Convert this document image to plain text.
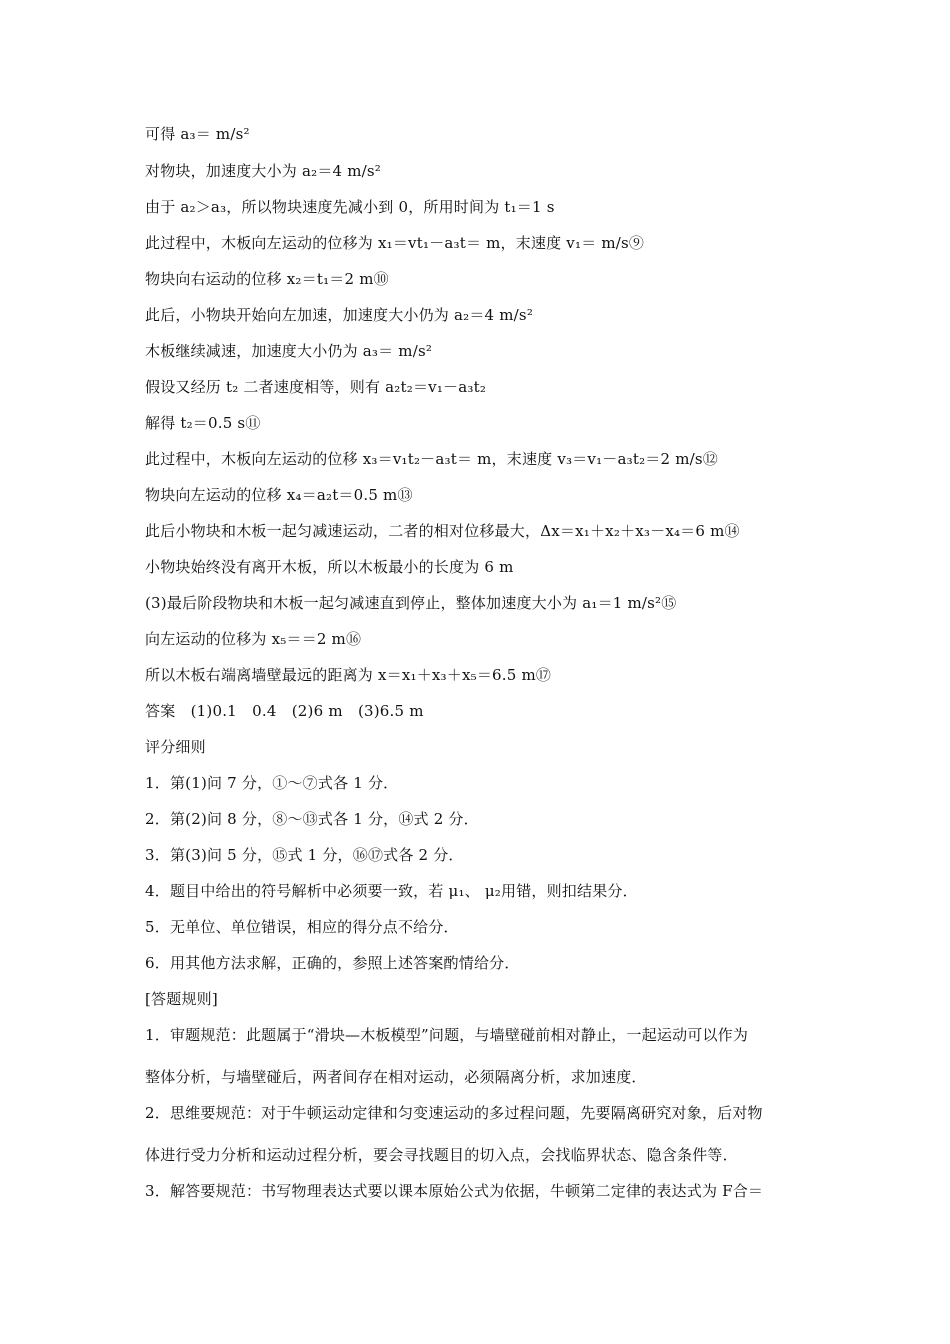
可得 a₃＝ m/s²
对物块，加速度大小为 a₂＝4 m/s²
由于 a₂＞a₃，所以物块速度先减小到 0，所用时间为 t₁＝1 s
此过程中，木板向左运动的位移为 x₁＝vt₁－a₃t＝ m，末速度 v₁＝ m/s⑨
物块向右运动的位移 x₂＝t₁＝2 m⑩
此后，小物块开始向左加速，加速度大小仍为 a₂＝4 m/s²
木板继续减速，加速度大小仍为 a₃＝ m/s²
假设又经历 t₂ 二者速度相等，则有 a₂t₂＝v₁－a₃t₂
解得 t₂＝0.5 s⑪
此过程中，木板向左运动的位移 x₃＝v₁t₂－a₃t＝ m，末速度 v₃＝v₁－a₃t₂＝2 m/s⑫
物块向左运动的位移 x₄＝a₂t＝0.5 m⑬
此后小物块和木板一起匀减速运动，二者的相对位移最大，Δx＝x₁＋x₂＋x₃－x₄＝6 m⑭
小物块始终没有离开木板，所以木板最小的长度为 6 m
(3)最后阶段物块和木板一起匀减速直到停止，整体加速度大小为 a₁＝1 m/s²⑮
向左运动的位移为 x₅＝＝2 m⑯
所以木板右端离墙壁最远的距离为 x＝x₁＋x₃＋x₅＝6.5 m⑰
答案　(1)0.1　0.4　(2)6 m　(3)6.5 m
评分细则
1．第(1)问 7 分，①～⑦式各 1 分．
2．第(2)问 8 分，⑧～⑬式各 1 分，⑭式 2 分．
3．第(3)问 5 分，⑮式 1 分，⑯⑰式各 2 分．
4．题目中给出的符号解析中必须要一致，若 μ₁、 μ₂用错，则扣结果分．
5．无单位、单位错误，相应的得分点不给分．
6．用其他方法求解，正确的，参照上述答案酌情给分．
[答题规则]
1．审题规范：此题属于“滑块—木板模型”问题，与墙壁碰前相对静止，一起运动可以作为
整体分析，与墙壁碰后，两者间存在相对运动，必须隔离分析，求加速度．
2．思维要规范：对于牛顿运动定律和匀变速运动的多过程问题，先要隔离研究对象，后对物
体进行受力分析和运动过程分析，要会寻找题目的切入点，会找临界状态、隐含条件等．
3．解答要规范：书写物理表达式要以课本原始公式为依据，牛顿第二定律的表达式为 F合＝
